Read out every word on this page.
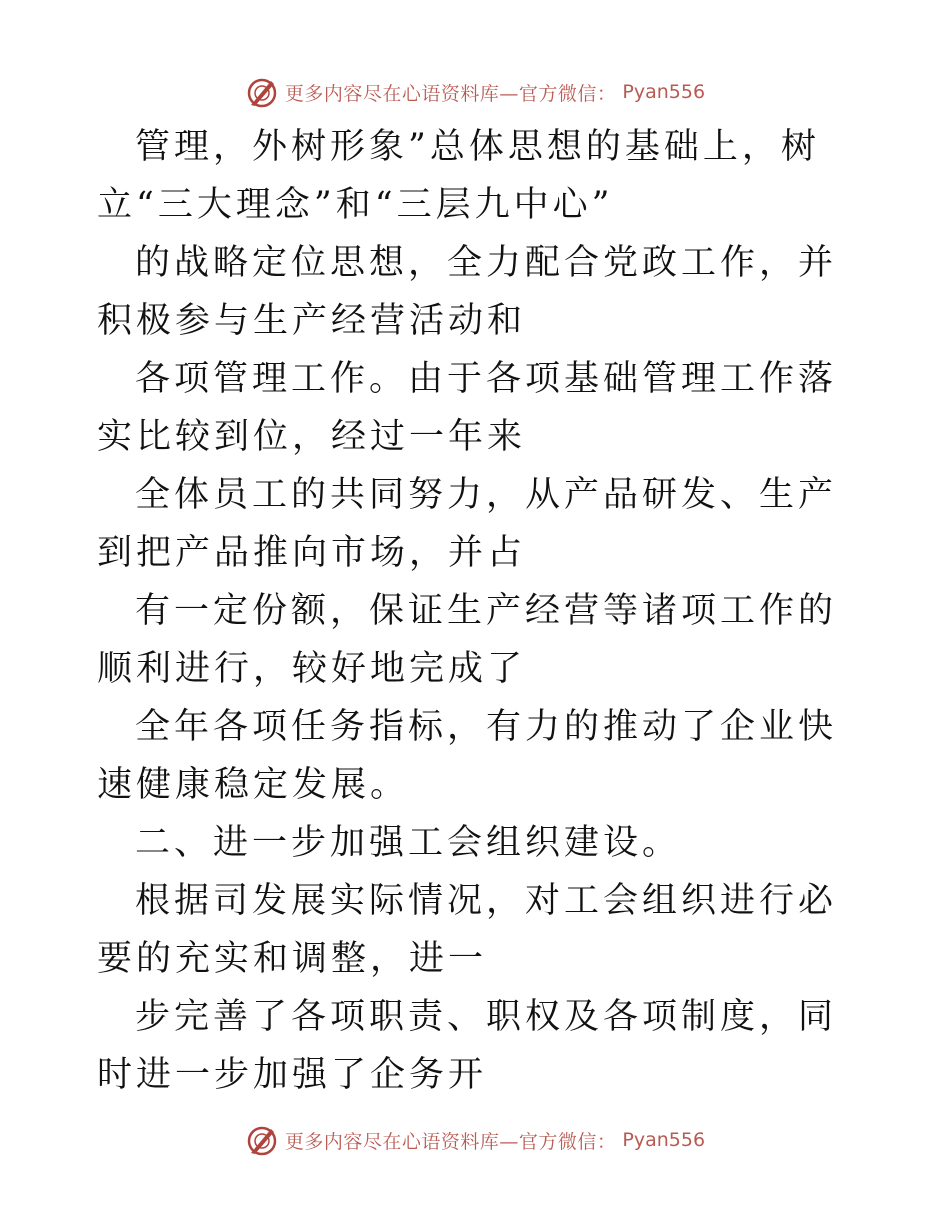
更多内容尽在心语资料库—官方微信： Pyan556

管理，外树形象”总体思想的基础上，树立“三大理念”和“三层九中心”

的战略定位思想，全力配合党政工作，并积极参与生产经营活动和

各项管理工作。由于各项基础管理工作落实比较到位，经过一年来

全体员工的共同努力，从产品研发、生产到把产品推向市场，并占

有一定份额，保证生产经营等诸项工作的顺利进行，较好地完成了

全年各项任务指标，有力的推动了企业快速健康稳定发展。

二、进一步加强工会组织建设。

根据司发展实际情况，对工会组织进行必要的充实和调整，进一

步完善了各项职责、职权及各项制度，同时进一步加强了企务开

更多内容尽在心语资料库—官方微信： Pyan556
